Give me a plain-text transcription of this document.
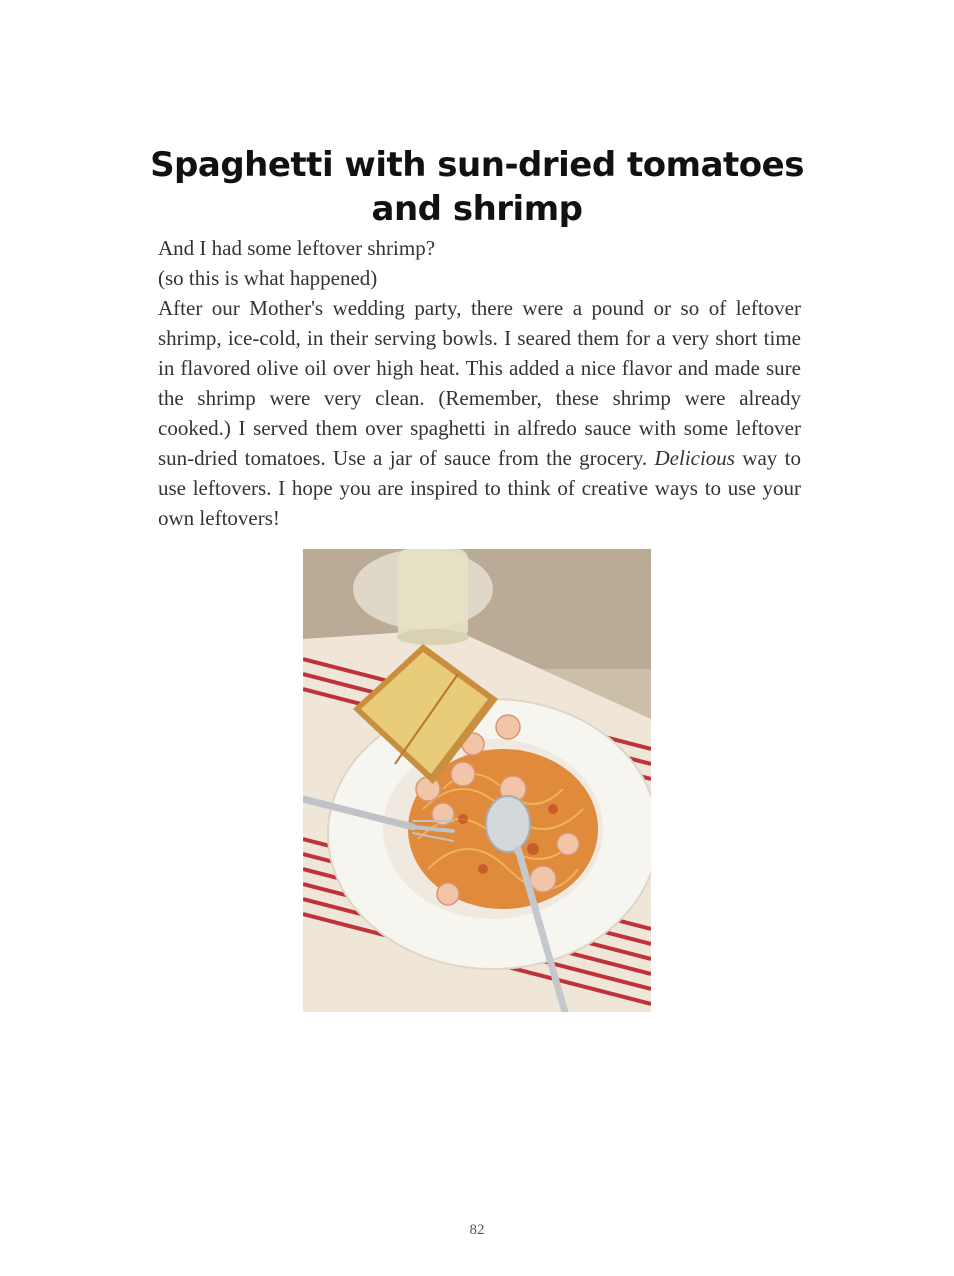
Spaghetti with sun-dried tomatoes and shrimp

And I had some leftover shrimp?

(so this is what happened)

After our Mother's wedding party, there were a pound or so of leftover shrimp, ice-cold, in their serving bowls. I seared them for a very short time in flavored olive oil over high heat. This added a nice flavor and made sure the shrimp were very clean. (Remember, these shrimp were already cooked.) I served them over spaghetti in alfredo sauce with some leftover sun-dried tomatoes. Use a jar of sauce from the grocery. Delicious way to use leftovers. I hope you are inspired to think of creative ways to use your own leftovers!

82
